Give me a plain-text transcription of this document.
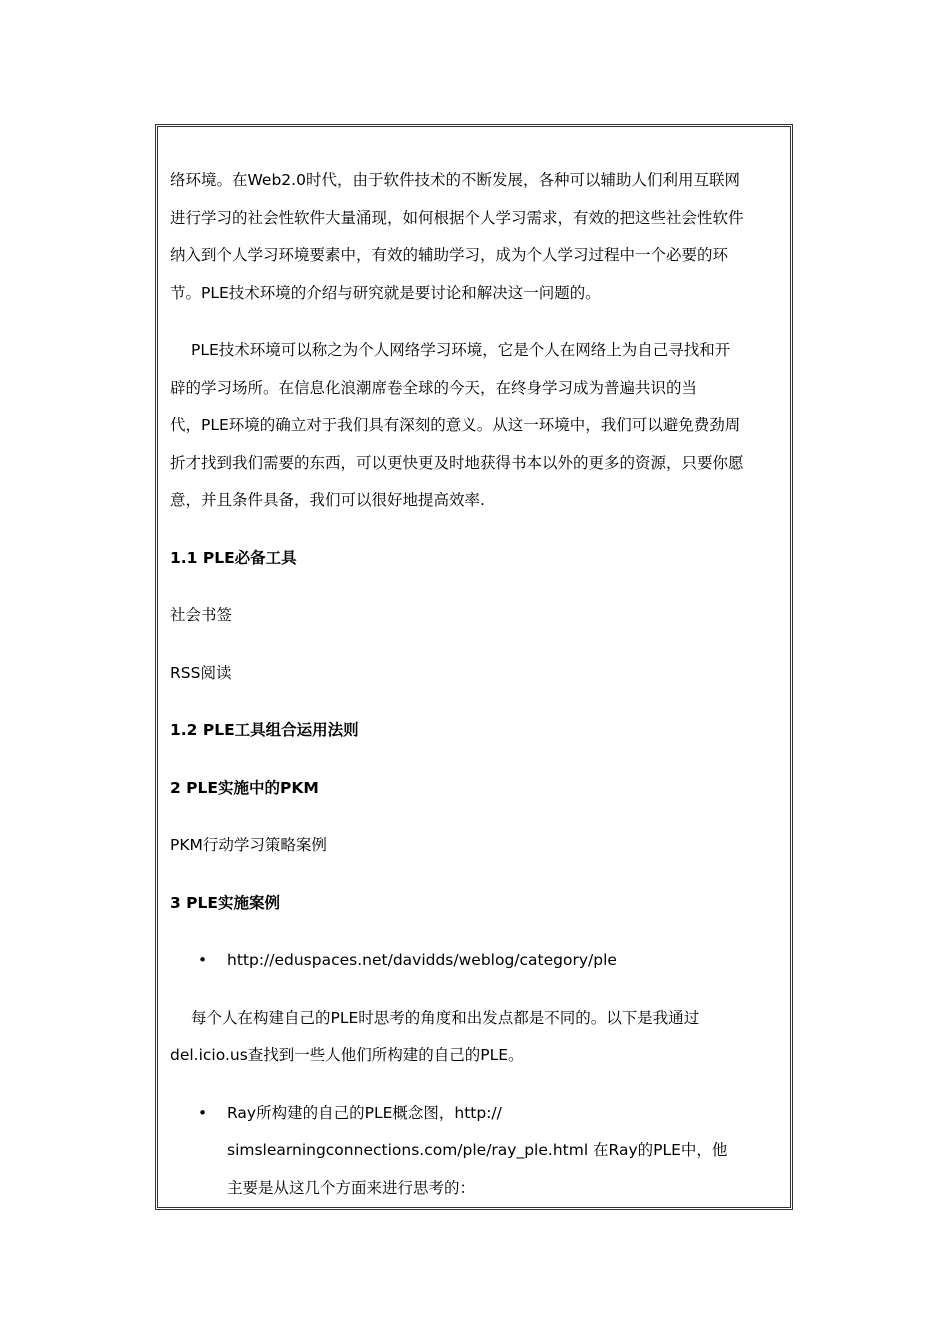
络环境。在Web2.0时代，由于软件技术的不断发展，各种可以辅助人们利用互联网

进行学习的社会性软件大量涌现，如何根据个人学习需求，有效的把这些社会性软件

纳入到个人学习环境要素中，有效的辅助学习，成为个人学习过程中一个必要的环

节。PLE技术环境的介绍与研究就是要讨论和解决这一问题的。

PLE技术环境可以称之为个人网络学习环境，它是个人在网络上为自己寻找和开

辟的学习场所。在信息化浪潮席卷全球的今天，在终身学习成为普遍共识的当

代，PLE环境的确立对于我们具有深刻的意义。从这一环境中，我们可以避免费劲周

折才找到我们需要的东西，可以更快更及时地获得书本以外的更多的资源，只要你愿

意，并且条件具备，我们可以很好地提高效率.

1.1 PLE必备工具

社会书签

RSS阅读

1.2 PLE工具组合运用法则

2 PLE实施中的PKM

PKM行动学习策略案例

3 PLE实施案例

• http://eduspaces.net/davidds/weblog/category/ple

每个人在构建自己的PLE时思考的角度和出发点都是不同的。以下是我通过

del.icio.us查找到一些人他们所构建的自己的PLE。

• Ray所构建的自己的PLE概念图，http://
simslearningconnections.com/ple/ray_ple.html 在Ray的PLE中，他
主要是从这几个方面来进行思考的：
